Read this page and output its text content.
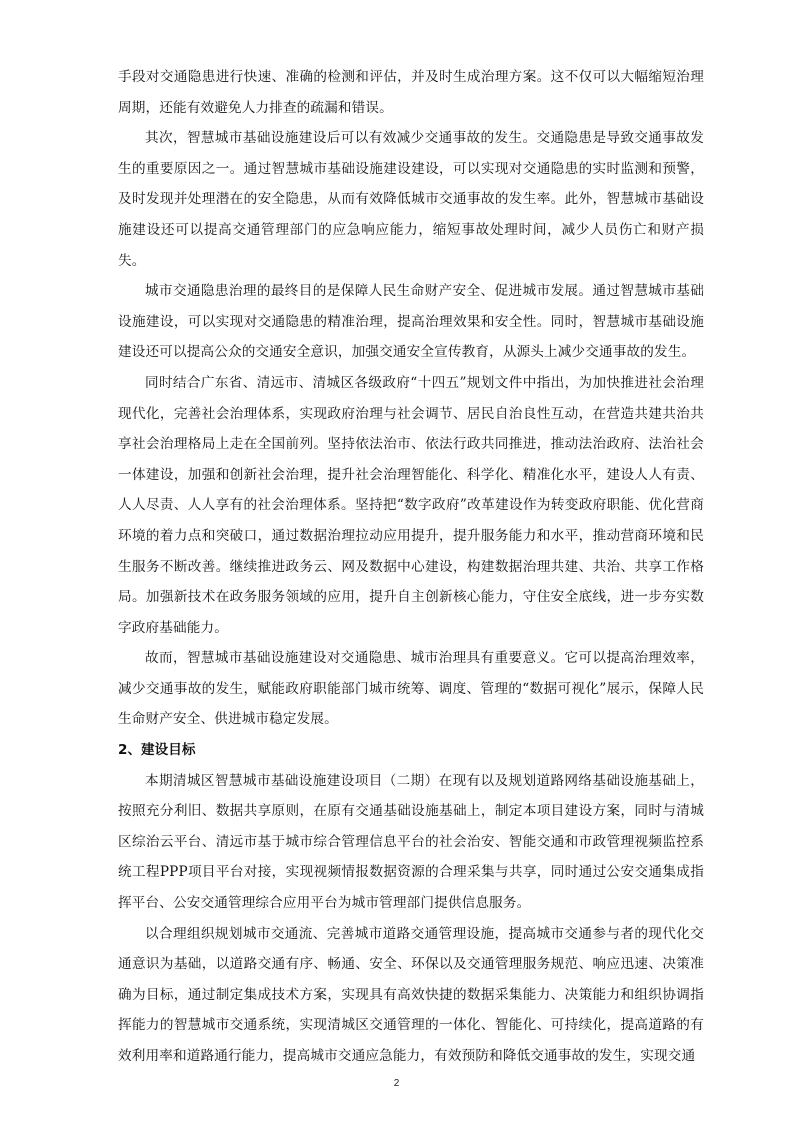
手段对交通隐患进行快速、准确的检测和评估，并及时生成治理方案。这不仅可以大幅缩短治理周期，还能有效避免人力排查的疏漏和错误。

其次，智慧城市基础设施建设后可以有效减少交通事故的发生。交通隐患是导致交通事故发生的重要原因之一。通过智慧城市基础设施建设建设，可以实现对交通隐患的实时监测和预警，及时发现并处理潜在的安全隐患，从而有效降低城市交通事故的发生率。此外，智慧城市基础设施建设还可以提高交通管理部门的应急响应能力，缩短事故处理时间，减少人员伤亡和财产损失。

城市交通隐患治理的最终目的是保障人民生命财产安全、促进城市发展。通过智慧城市基础设施建设，可以实现对交通隐患的精准治理，提高治理效果和安全性。同时，智慧城市基础设施建设还可以提高公众的交通安全意识，加强交通安全宣传教育，从源头上减少交通事故的发生。

同时结合广东省、清远市、清城区各级政府“十四五”规划文件中指出，为加快推进社会治理现代化，完善社会治理体系，实现政府治理与社会调节、居民自治良性互动，在营造共建共治共享社会治理格局上走在全国前列。坚持依法治市、依法行政共同推进，推动法治政府、法治社会一体建设，加强和创新社会治理，提升社会治理智能化、科学化、精准化水平，建设人人有责、人人尽责、人人享有的社会治理体系。坚持把“数字政府”改革建设作为转变政府职能、优化营商环境的着力点和突破口，通过数据治理拉动应用提升，提升服务能力和水平，推动营商环境和民生服务不断改善。继续推进政务云、网及数据中心建设，构建数据治理共建、共治、共享工作格局。加强新技术在政务服务领域的应用，提升自主创新核心能力，守住安全底线，进一步夯实数字政府基础能力。

故而，智慧城市基础设施建设对交通隐患、城市治理具有重要意义。它可以提高治理效率，减少交通事故的发生，赋能政府职能部门城市统筹、调度、管理的“数据可视化”展示，保障人民生命财产安全、供进城市稳定发展。

2、建设目标

本期清城区智慧城市基础设施建设项目（二期）在现有以及规划道路网络基础设施基础上，按照充分利旧、数据共享原则，在原有交通基础设施基础上，制定本项目建设方案，同时与清城区综治云平台、清远市基于城市综合管理信息平台的社会治安、智能交通和市政管理视频监控系统工程PPP项目平台对接，实现视频情报数据资源的合理采集与共享，同时通过公安交通集成指挥平台、公安交通管理综合应用平台为城市管理部门提供信息服务。

以合理组织规划城市交通流、完善城市道路交通管理设施，提高城市交通参与者的现代化交通意识为基础，以道路交通有序、畅通、安全、环保以及交通管理服务规范、响应迅速、决策准确为目标，通过制定集成技术方案，实现具有高效快捷的数据采集能力、决策能力和组织协调指挥能力的智慧城市交通系统，实现清城区交通管理的一体化、智能化、可持续化，提高道路的有效利用率和道路通行能力，提高城市交通应急能力，有效预防和降低交通事故的发生，实现交通

2
